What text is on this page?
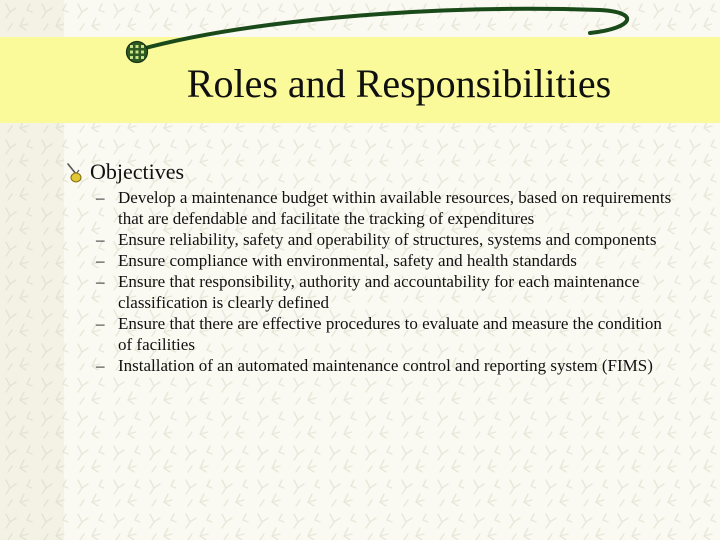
Roles and Responsibilities
Objectives
– Develop a maintenance budget within available resources, based on requirements that are defendable and facilitate the tracking of expenditures
– Ensure reliability, safety and operability of structures, systems and components
– Ensure compliance with environmental, safety and health standards
– Ensure that responsibility, authority and accountability for each maintenance classification is clearly defined
– Ensure that there are effective procedures to evaluate and measure the condition of facilities
– Installation of an automated maintenance control and reporting system (FIMS)
